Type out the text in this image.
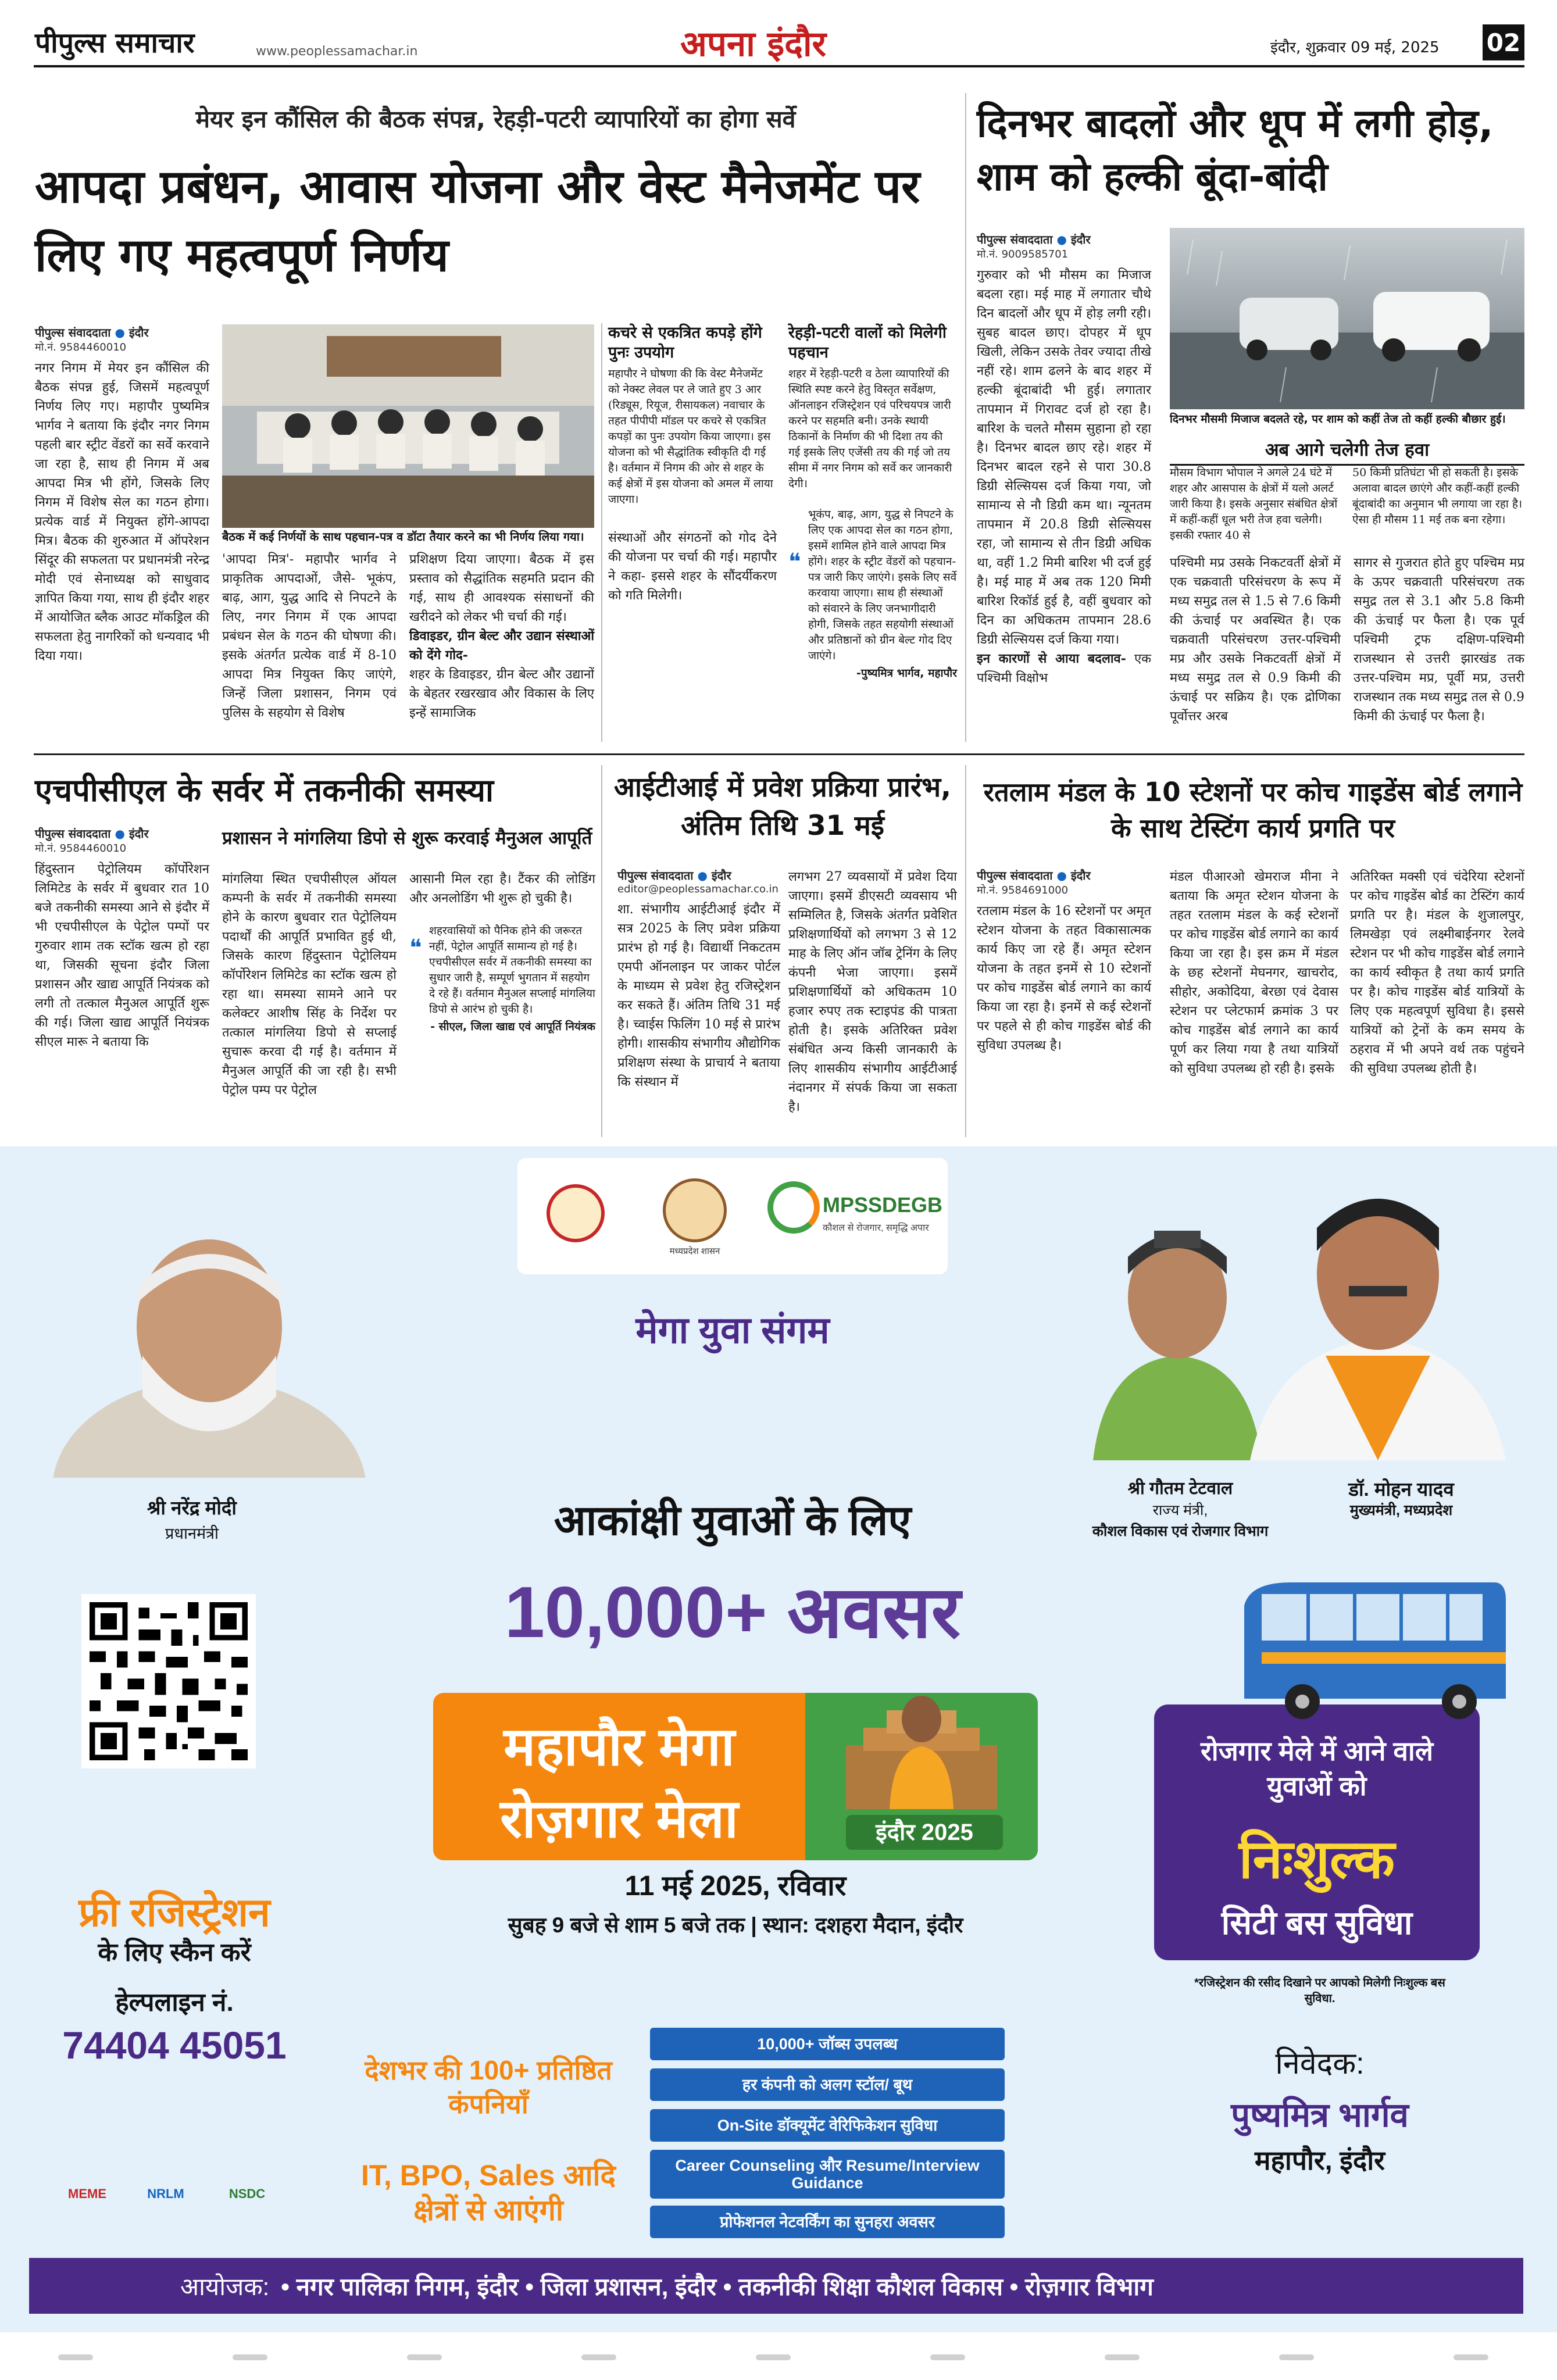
पीपुल्स समाचार	www.peoplessamachar.in	अपना इंदौर	इंदौर, शुक्रवार 09 मई, 2025 02
मेयर इन कौंसिल की बैठक संपन्न, रेहड़ी-पटरी व्यापारियों का होगा सर्वे
आपदा प्रबंधन, आवास योजना और वेस्ट मैनेजमेंट पर लिए गए महत्वपूर्ण निर्णय
पीपुल्स संवाददाता ● इंदौर
मो.नं. 9584460010
नगर निगम में मेयर इन कौंसिल की बैठक संपन्न हुई, जिसमें महत्वपूर्ण निर्णय लिए गए। महापौर पुष्यमित्र भार्गव ने बताया कि इंदौर नगर निगम पहली बार स्ट्रीट वेंडरों का सर्वे करवाने जा रहा है, साथ ही निगम में अब आपदा मित्र भी होंगे, जिसके लिए निगम में विशेष सेल का गठन होगा। प्रत्येक वार्ड में नियुक्त होंगे-आपदा मित्र। बैठक की शुरुआत में ऑपरेशन सिंदूर की सफलता पर प्रधानमंत्री नरेन्द्र मोदी एवं सेनाध्यक्ष को साधुवाद ज्ञापित किया गया, साथ ही इंदौर शहर में आयोजित ब्लैक आउट मॉकड्रिल की सफलता हेतु नागरिकों को धन्यवाद भी दिया गया।
बैठक में कई निर्णयों के साथ पहचान-पत्र व डॉटा तैयार करने का भी निर्णय लिया गया।
'आपदा मित्र'- महापौर भार्गव ने प्राकृतिक आपदाओं, जैसे- भूकंप, बाढ़, आग, युद्ध आदि से निपटने के लिए, नगर निगम में एक आपदा प्रबंधन सेल के गठन की घोषणा की। इसके अंतर्गत प्रत्येक वार्ड में 8-10 आपदा मित्र नियुक्त किए जाएंगे, जिन्हें जिला प्रशासन, निगम एवं पुलिस के सहयोग से विशेष
प्रशिक्षण दिया जाएगा। बैठक में इस प्रस्ताव को सैद्धांतिक सहमति प्रदान की गई, साथ ही आवश्यक संसाधनों की खरीदने को लेकर भी चर्चा की गई।
डिवाइडर, ग्रीन बेल्ट और उद्यान संस्थाओं को देंगे गोद-
शहर के डिवाइडर, ग्रीन बेल्ट और उद्यानों के बेहतर रखरखाव और विकास के लिए इन्हें सामाजिक
कचरे से एकत्रित कपड़े होंगे पुनः उपयोग
महापौर ने घोषणा की कि वेस्ट मैनेजमेंट को नेक्स्ट लेवल पर ले जाते हुए 3 आर (रिड्यूस, रियूज, रीसायकल) नवाचार के तहत पीपीपी मॉडल पर कचरे से एकत्रित कपड़ों का पुनः उपयोग किया जाएगा। इस योजना को भी सैद्धांतिक स्वीकृति दी गई है। वर्तमान में निगम की ओर से शहर के कई क्षेत्रों में इस योजना को अमल में लाया जाएगा।
संस्थाओं और संगठनों को गोद देने की योजना पर चर्चा की गई। महापौर ने कहा- इससे शहर के सौंदर्यीकरण को गति मिलेगी।
रेहड़ी-पटरी वालों को मिलेगी पहचान
शहर में रेहड़ी-पटरी व ठेला व्यापारियों की स्थिति स्पष्ट करने हेतु विस्तृत सर्वेक्षण, ऑनलाइन रजिस्ट्रेशन एवं परिचयपत्र जारी करने पर सहमति बनी। उनके स्थायी ठिकानों के निर्माण की भी दिशा तय की गई इसके लिए एजेंसी तय की गई जो तय सीमा में नगर निगम को सर्वे कर जानकारी देगी।
❝
भूकंप, बाढ़, आग, युद्ध से निपटने के लिए एक आपदा सेल का गठन होगा, इसमें शामिल होने वाले आपदा मित्र होंगे। शहर के स्ट्रीट वेंडरों को पहचान-पत्र जारी किए जाएंगे। इसके लिए सर्वे करवाया जाएगा। साथ ही संस्थाओं को संवारने के लिए जनभागीदारी होगी, जिसके तहत सहयोगी संस्थाओं और प्रतिष्ठानों को ग्रीन बेल्ट गोद दिए जाएंगे।
-पुष्यमित्र भार्गव, महापौर
दिनभर बादलों और धूप में लगी होड़, शाम को हल्की बूंदा-बांदी
पीपुल्स संवाददाता ● इंदौर
मो.नं. 9009585701
गुरुवार को भी मौसम का मिजाज बदला रहा। मई माह में लगातार चौथे दिन बादलों और धूप में होड़ लगी रही। सुबह बादल छाए। दोपहर में धूप खिली, लेकिन उसके तेवर ज्यादा तीखे नहीं रहे। शाम ढलने के बाद शहर में हल्की बूंदाबांदी भी हुई। लगातार तापमान में गिरावट दर्ज हो रहा है। बारिश के चलते मौसम सुहाना हो रहा है। दिनभर बादल छाए रहे। शहर में दिनभर बादल रहने से पारा 30.8 डिग्री सेल्सियस दर्ज किया गया, जो सामान्य से नौ डिग्री कम था। न्यूनतम तापमान में 20.8 डिग्री सेल्सियस रहा, जो सामान्य से तीन डिग्री अधिक था, वहीं 1.2 मिमी बारिश भी दर्ज हुई है। मई माह में अब तक 120 मिमी बारिश रिकॉर्ड हुई है, वहीं बुधवार को दिन का अधिकतम तापमान 28.6 डिग्री सेल्सियस दर्ज किया गया।
इन कारणों से आया बदलाव- एक पश्चिमी विक्षोभ
दिनभर मौसमी मिजाज बदलते रहे, पर शाम को कहीं तेज तो कहीं हल्की बौछार हुई।
अब आगे चलेगी तेज हवा
मौसम विभाग भोपाल ने अगले 24 घंटे में शहर और आसपास के क्षेत्रों में यलो अलर्ट जारी किया है। इसके अनुसार संबंधित क्षेत्रों में कहीं-कहीं धूल भरी तेज हवा चलेगी। इसकी रफ्तार 40 से
50 किमी प्रतिघंटा भी हो सकती है। इसके अलावा बादल छाएंगे और कहीं-कहीं हल्की बूंदाबांदी का अनुमान भी लगाया जा रहा है। ऐसा ही मौसम 11 मई तक बना रहेगा।
पश्चिमी मप्र उसके निकटवर्ती क्षेत्रों में एक चक्रवाती परिसंचरण के रूप में मध्य समुद्र तल से 1.5 से 7.6 किमी की ऊंचाई पर अवस्थित है। एक चक्रवाती परिसंचरण उत्तर-पश्चिमी मप्र और उसके निकटवर्ती क्षेत्रों में मध्य समुद्र तल से 0.9 किमी की ऊंचाई पर सक्रिय है। एक द्रोणिका पूर्वोत्तर अरब
सागर से गुजरात होते हुए पश्चिम मप्र के ऊपर चक्रवाती परिसंचरण तक समुद्र तल से 3.1 और 5.8 किमी की ऊंचाई पर फैला है। एक पूर्व पश्चिमी ट्रफ दक्षिण-पश्चिमी राजस्थान से उत्तरी झारखंड तक उत्तर-पश्चिम मप्र, पूर्वी मप्र, उत्तरी राजस्थान तक मध्य समुद्र तल से 0.9 किमी की ऊंचाई पर फैला है।
एचपीसीएल के सर्वर में तकनीकी समस्या
पीपुल्स संवाददाता ● इंदौर
मो.नं. 9584460010
हिंदुस्तान पेट्रोलियम कॉर्पोरेशन लिमिटेड के सर्वर में बुधवार रात 10 बजे तकनीकी समस्या आने से इंदौर में भी एचपीसीएल के पेट्रोल पम्पों पर गुरुवार शाम तक स्टॉक खत्म हो रहा था, जिसकी सूचना इंदौर जिला प्रशासन और खाद्य आपूर्ति नियंत्रक को लगी तो तत्काल मैनुअल आपूर्ति शुरू की गई। जिला खाद्य आपूर्ति नियंत्रक सीएल मारू ने बताया कि
प्रशासन ने मांगलिया डिपो से शुरू करवाई मैनुअल आपूर्ति
मांगलिया स्थित एचपीसीएल ऑयल कम्पनी के सर्वर में तकनीकी समस्या होने के कारण बुधवार रात पेट्रोलियम पदार्थों की आपूर्ति प्रभावित हुई थी, जिसके कारण हिंदुस्तान पेट्रोलियम कॉर्पोरेशन लिमिटेड का स्टॉक खत्म हो रहा था। समस्या सामने आने पर कलेक्टर आशीष सिंह के निर्देश पर तत्काल मांगलिया डिपो से सप्लाई सुचारू करवा दी गई है। वर्तमान में मैनुअल आपूर्ति की जा रही है। सभी पेट्रोल पम्प पर पेट्रोल
आसानी मिल रहा है। टैंकर की लोडिंग और अनलोडिंग भी शुरू हो चुकी है।
❝
शहरवासियों को पैनिक होने की जरूरत नहीं, पेट्रोल आपूर्ति सामान्य हो गई है। एचपीसीएल सर्वर में तकनीकी समस्या का सुधार जारी है, सम्पूर्ण भुगतान में सहयोग दे रहे हैं। वर्तमान मैनुअल सप्लाई मांगलिया डिपो से आरंभ हो चुकी है।
- सीएल, जिला खाद्य एवं आपूर्ति नियंत्रक
आईटीआई में प्रवेश प्रक्रिया प्रारंभ, अंतिम तिथि 31 मई
पीपुल्स संवाददाता ● इंदौर
editor@peoplessamachar.co.in
शा. संभागीय आईटीआई इंदौर में सत्र 2025 के लिए प्रवेश प्रक्रिया प्रारंभ हो गई है। विद्यार्थी निकटतम एमपी ऑनलाइन पर जाकर पोर्टल के माध्यम से प्रवेश हेतु रजिस्ट्रेशन कर सकते हैं। अंतिम तिथि 31 मई है। च्वाईस फिलिंग 10 मई से प्रारंभ होगी। शासकीय संभागीय औद्योगिक प्रशिक्षण संस्था के प्राचार्य ने बताया कि संस्थान में
लगभग 27 व्यवसायों में प्रवेश दिया जाएगा। इसमें डीएसटी व्यवसाय भी सम्मिलित है, जिसके अंतर्गत प्रवेशित प्रशिक्षणार्थियों को लगभग 3 से 12 माह के लिए ऑन जॉब ट्रेनिंग के लिए कंपनी भेजा जाएगा। इसमें प्रशिक्षणार्थियों को अधिकतम 10 हजार रुपए तक स्टाइपंड की पात्रता होती है। इसके अतिरिक्त प्रवेश संबंधित अन्य किसी जानकारी के लिए शासकीय संभागीय आईटीआई नंदानगर में संपर्क किया जा सकता है।
रतलाम मंडल के 10 स्टेशनों पर कोच गाइडेंस बोर्ड लगाने के साथ टेस्टिंग कार्य प्रगति पर
पीपुल्स संवाददाता ● इंदौर
मो.नं. 9584691000
रतलाम मंडल के 16 स्टेशनों पर अमृत स्टेशन योजना के तहत विकासात्मक कार्य किए जा रहे हैं। अमृत स्टेशन योजना के तहत इनमें से 10 स्टेशनों पर कोच गाइडेंस बोर्ड लगाने का कार्य किया जा रहा है। इनमें से कई स्टेशनों पर पहले से ही कोच गाइडेंस बोर्ड की सुविधा उपलब्ध है।
मंडल पीआरओ खेमराज मीना ने बताया कि अमृत स्टेशन योजना के तहत रतलाम मंडल के कई स्टेशनों पर कोच गाइडेंस बोर्ड लगाने का कार्य किया जा रहा है। इस क्रम में मंडल के छह स्टेशनों मेघनगर, खाचरोद, सीहोर, अकोदिया, बेरछा एवं देवास स्टेशन पर प्लेटफार्म क्रमांक 3 पर कोच गाइडेंस बोर्ड लगाने का कार्य पूर्ण कर लिया गया है तथा यात्रियों को सुविधा उपलब्ध हो रही है। इसके
अतिरिक्त मक्सी एवं चंदेरिया स्टेशनों पर कोच गाइडेंस बोर्ड का टेस्टिंग कार्य प्रगति पर है। मंडल के शुजालपुर, लिमखेड़ा एवं लक्ष्मीबाईनगर रेलवे स्टेशन पर भी कोच गाइडेंस बोर्ड लगाने का कार्य स्वीकृत है तथा कार्य प्रगति पर है। कोच गाइडेंस बोर्ड यात्रियों के लिए एक महत्वपूर्ण सुविधा है। इससे यात्रियों को ट्रेनों के कम समय के ठहराव में भी अपने वर्थ तक पहुंचने की सुविधा उपलब्ध होती है।
मध्यप्रदेश शासन
MPSSDEGB
कौशल से रोजगार, समृद्धि अपार
मेगा युवा संगम
श्री नरेंद्र मोदी
प्रधानमंत्री
श्री गौतम टेटवाल
राज्य मंत्री,
कौशल विकास एवं रोजगार विभाग
डॉ. मोहन यादव
मुख्यमंत्री, मध्यप्रदेश
फ्री रजिस्ट्रेशन
के लिए स्कैन करें
हेल्पलाइन नं.
74404 45051
आकांक्षी युवाओं के लिए
10,000+ अवसर
महापौर मेगा
रोज़गार मेला	इंदौर 2025
11 मई 2025, रविवार
सुबह 9 बजे से शाम 5 बजे तक | स्थान: दशहरा मैदान, इंदौर
देशभर की 100+ प्रतिष्ठित कंपनियाँ
IT, BPO, Sales आदि क्षेत्रों से आएंगी
10,000+ जॉब्स उपलब्ध
हर कंपनी को अलग स्टॉल/ बूथ
On-Site डॉक्यूमेंट वेरिफिकेशन सुविधा
Career Counseling और Resume/Interview Guidance
प्रोफेशनल नेटवर्किंग का सुनहरा अवसर
रोजगार मेले में आने वाले युवाओं को
निःशुल्क
सिटी बस सुविधा
*रजिस्ट्रेशन की रसीद दिखाने पर आपको मिलेगी निःशुल्क बस सुविधा.
निवेदक:
पुष्यमित्र भार्गव
महापौर, इंदौर
MEME	NRLM	NSDC
आयोजक: • नगर पालिका निगम, इंदौर • जिला प्रशासन, इंदौर • तकनीकी शिक्षा कौशल विकास • रोज़गार विभाग
